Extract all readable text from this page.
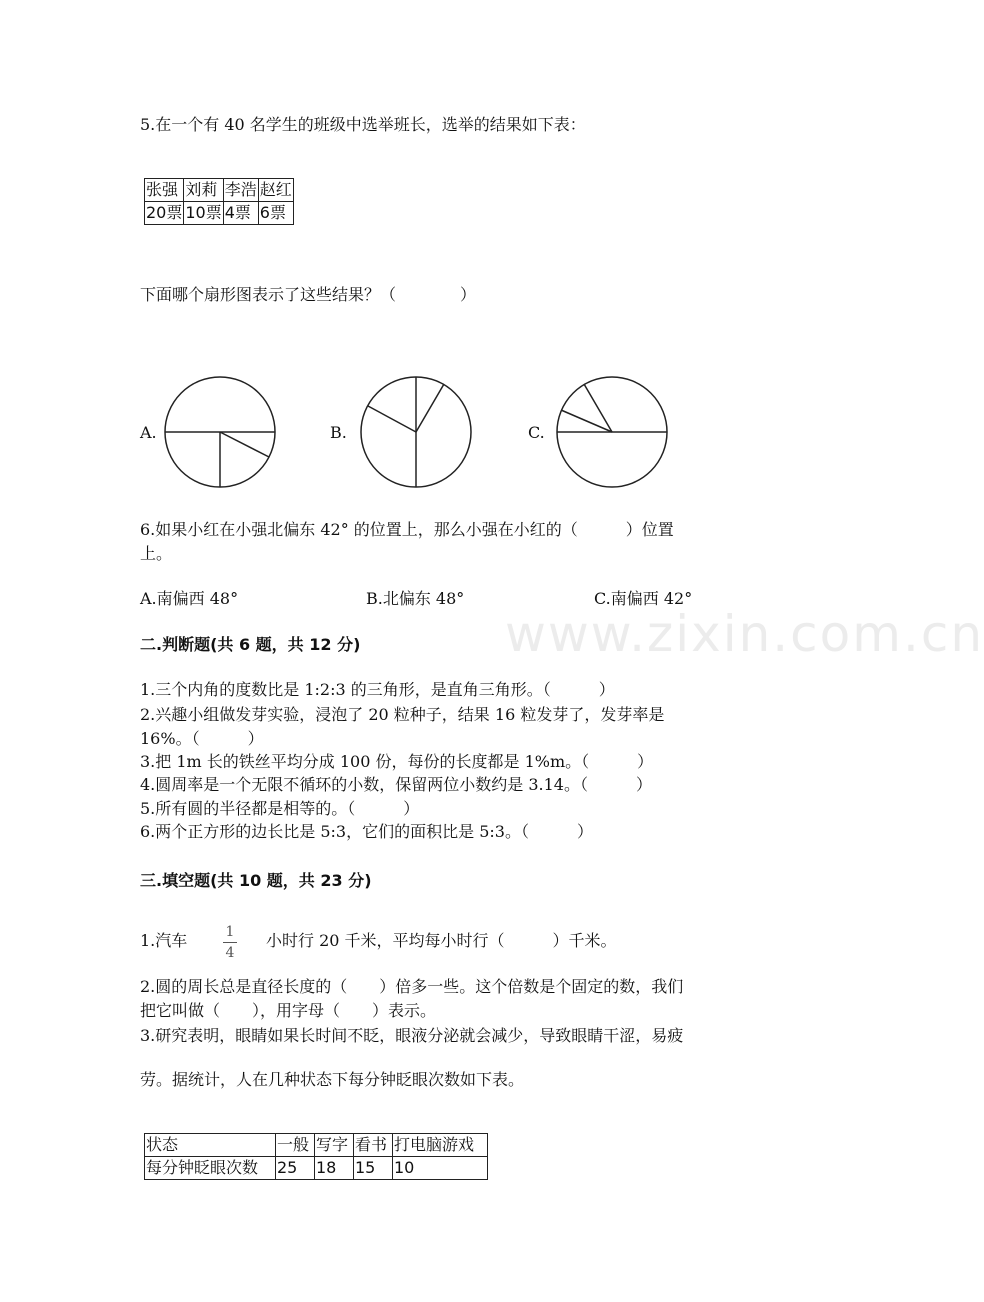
www.zixin.com.cn
5.在一个有 40 名学生的班级中选举班长，选举的结果如下表：
张强	刘莉	李浩	赵红
20票	10票	4票	6票
下面哪个扇形图表示了这些结果？（　　　　）
A.	B.	C.
6.如果小红在小强北偏东 42° 的位置上，那么小强在小红的（　　　）位置
上。
A.南偏西 48°	B.北偏东 48°	C.南偏西 42°
二.判断题(共 6 题，共 12 分)
1.三个内角的度数比是 1:2:3 的三角形，是直角三角形。（　　　）
2.兴趣小组做发芽实验，浸泡了 20 粒种子，结果 16 粒发芽了，发芽率是
16%。（　　　）
3.把 1m 长的铁丝平均分成 100 份，每份的长度都是 1%m。（　　　）
4.圆周率是一个无限不循环的小数，保留两位小数约是 3.14。（　　　）
5.所有圆的半径都是相等的。（　　　）
6.两个正方形的边长比是 5:3，它们的面积比是 5:3。（　　　）
三.填空题(共 10 题，共 23 分)
1.汽车	1
4
小时行 20 千米，平均每小时行（　　　）千米。
2.圆的周长总是直径长度的（　　）倍多一些。这个倍数是个固定的数，我们
把它叫做（　　），用字母（　　）表示。
3.研究表明，眼睛如果长时间不眨，眼液分泌就会减少，导致眼睛干涩，易疲
劳。据统计，人在几种状态下每分钟眨眼次数如下表。
状态	一般	写字	看书	打电脑游戏
每分钟眨眼次数	25	18	15	10
